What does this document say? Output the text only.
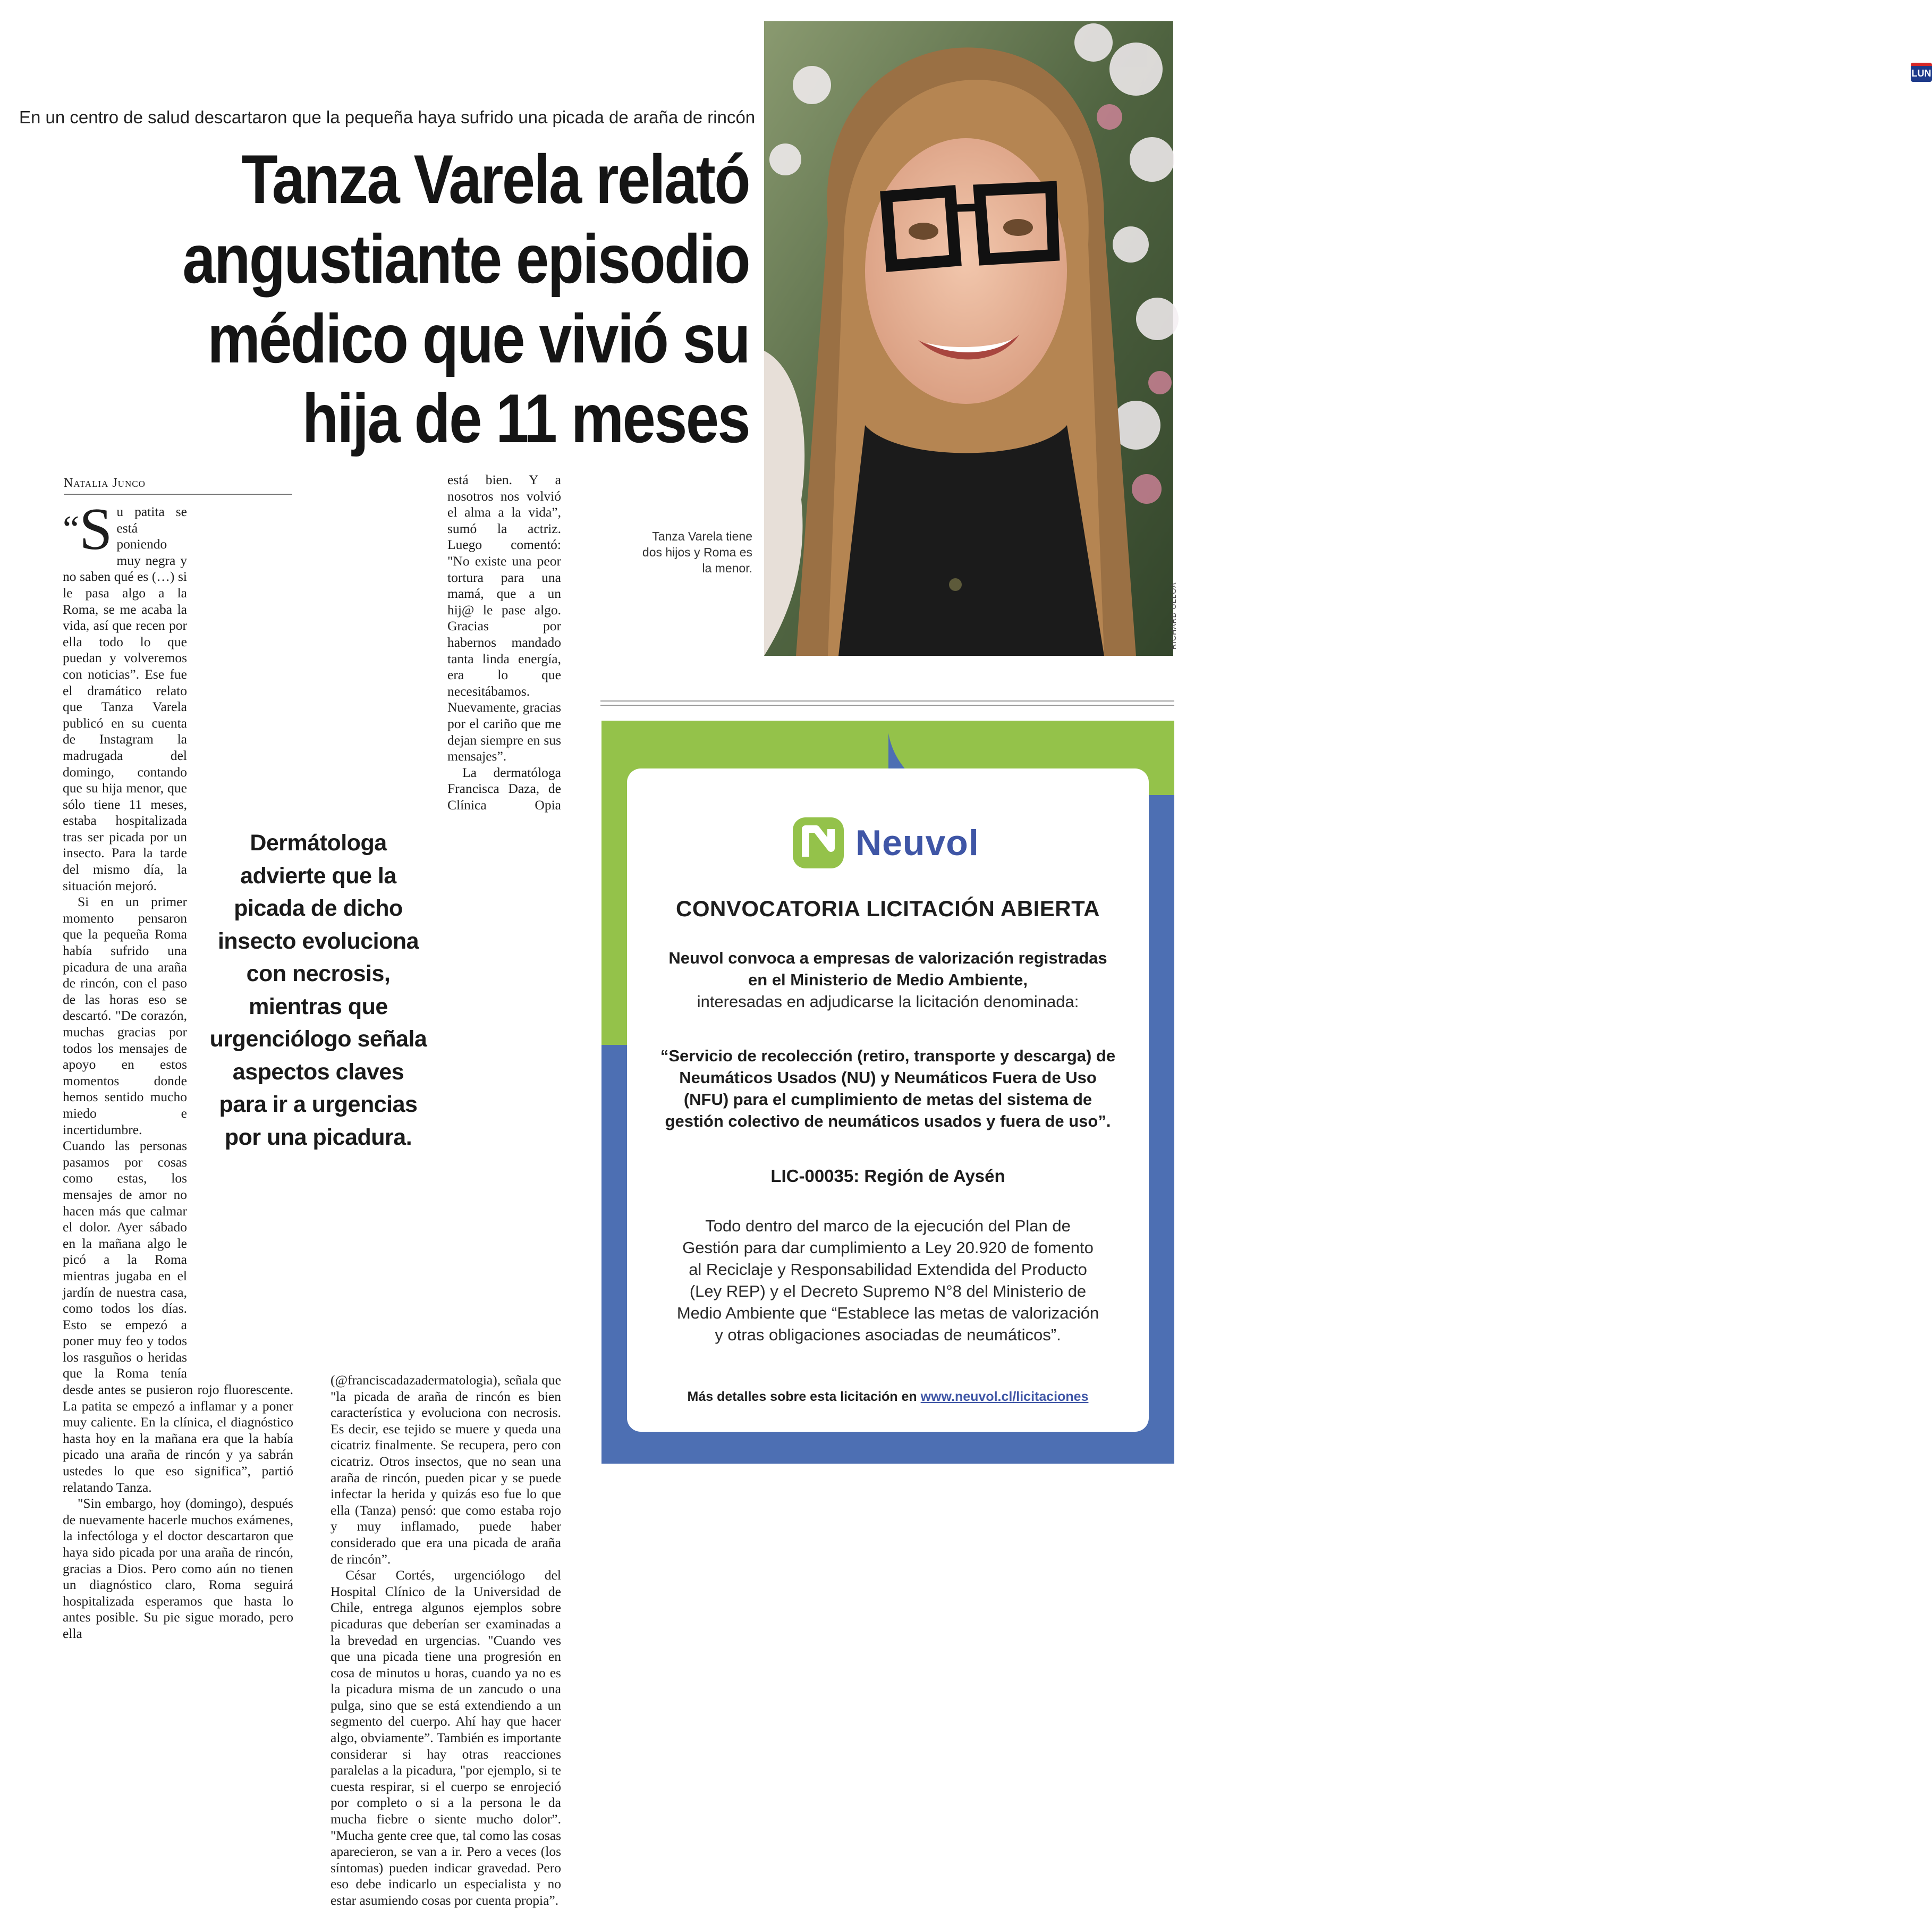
En un centro de salud descartaron que la pequeña haya sufrido una picada de araña de rincón
Tanza Varela relató
angustiante episodio
médico que vivió su
hija de 11 meses
Natalia Junco

“S u patita se está poniendo muy negra y no saben qué es (…) si le pasa algo a la Roma, se me acaba la vida, así que recen por ella todo lo que puedan y volveremos con noticias”. Ese fue el dramático relato que Tanza Varela publicó en su cuenta de Instagram la madrugada del domingo, contando que su hija menor, que sólo tiene 11 meses, estaba hospitalizada tras ser picada por un insecto. Para la tarde del mismo día, la situación mejoró.

Si en un primer momento pensaron que la pequeña Roma había sufrido una picadura de una araña de rincón, con el paso de las horas eso se descartó. "De corazón, muchas gracias por todos los mensajes de apoyo en estos momentos donde hemos sentido mucho miedo e incertidumbre. Cuando las personas pasamos por cosas como estas, los mensajes de amor no hacen más que calmar el dolor. Ayer sábado en la mañana algo le picó a la Roma mientras jugaba en el jardín de nuestra casa, como todos los días. Esto se empezó a poner muy feo y todos los rasguños o heridas que la Roma tenía desde antes se pusieron rojo fluorescente. La patita se empezó a inflamar y a poner muy caliente. En la clínica, el diagnóstico hasta hoy en la mañana era que la había picado una araña de rincón y ya sabrán ustedes lo que eso significa”, partió relatando Tanza.

"Sin embargo, hoy (domingo), después de nuevamente hacerle muchos exámenes, la infectóloga y el doctor descartaron que haya sido picada por una araña de rincón, gracias a Dios. Pero como aún no tienen un diagnóstico claro, Roma seguirá hospitalizada esperamos que hasta lo antes posible. Su pie sigue morado, pero ella

está bien. Y a nosotros nos volvió el alma a la vida”, sumó la actriz. Luego comentó: "No existe una peor tortura para una mamá, que a un hij@ le pase algo. Gracias por habernos mandado tanta linda energía, era lo que necesitábamos. Nuevamente, gracias por el cariño que me dejan siempre en sus mensajes”.

La dermatóloga Francisca Daza, de Clínica Opia (@franciscadazadermatologia), señala que "la picada de araña de rincón es bien característica y evoluciona con necrosis. Es decir, ese tejido se muere y queda una cicatriz finalmente. Se recupera, pero con cicatriz. Otros insectos, que no sean una araña de rincón, pueden picar y se puede infectar la herida y quizás eso fue lo que ella (Tanza) pensó: que como estaba rojo y muy inflamado, puede haber considerado que era una picada de araña de rincón”.

César Cortés, urgenciólogo del Hospital Clínico de la Universidad de Chile, entrega algunos ejemplos sobre picaduras que deberían ser examinadas a la brevedad en urgencias. "Cuando ves que una picada tiene una progresión en cosa de minutos u horas, cuando ya no es la picadura misma de un zancudo o una pulga, sino que se está extendiendo a un segmento del cuerpo. Ahí hay que hacer algo, obviamente”. También es importante considerar si hay otras reacciones paralelas a la picadura, "por ejemplo, si te cuesta respirar, si el cuerpo se enrojeció por completo o si a la persona le da mucha fiebre o siente mucho dolor”. "Mucha gente cree que, tal como las cosas aparecieron, se van a ir. Pero a veces (los síntomas) pueden indicar gravedad. Pero eso debe indicarlo un especialista y no estar asumiendo cosas por cuenta propia”.

Dermátologa advierte que la picada de dicho insecto evoluciona con necrosis, mientras que urgenciólogo señala aspectos claves para ir a urgencias por una picadura.
LUN
Tanza Varela tiene dos hijos y Roma es la menor.
RICHARD ULLOA
Neuvol
CONVOCATORIA LICITACIÓN ABIERTA
Neuvol convoca a empresas de valorización registradas en el Ministerio de Medio Ambiente,
interesadas en adjudicarse la licitación denominada:
“Servicio de recolección (retiro, transporte y descarga) de Neumáticos Usados (NU) y Neumáticos Fuera de Uso (NFU) para el cumplimiento de metas del sistema de gestión colectivo de neumáticos usados y fuera de uso”.
LIC-00035: Región de Aysén
Todo dentro del marco de la ejecución del Plan de Gestión para dar cumplimiento a Ley 20.920 de fomento al Reciclaje y Responsabilidad Extendida del Producto (Ley REP) y el Decreto Supremo N°8 del Ministerio de Medio Ambiente que “Establece las metas de valorización y otras obligaciones asociadas de neumáticos”.
Más detalles sobre esta licitación en www.neuvol.cl/licitaciones
